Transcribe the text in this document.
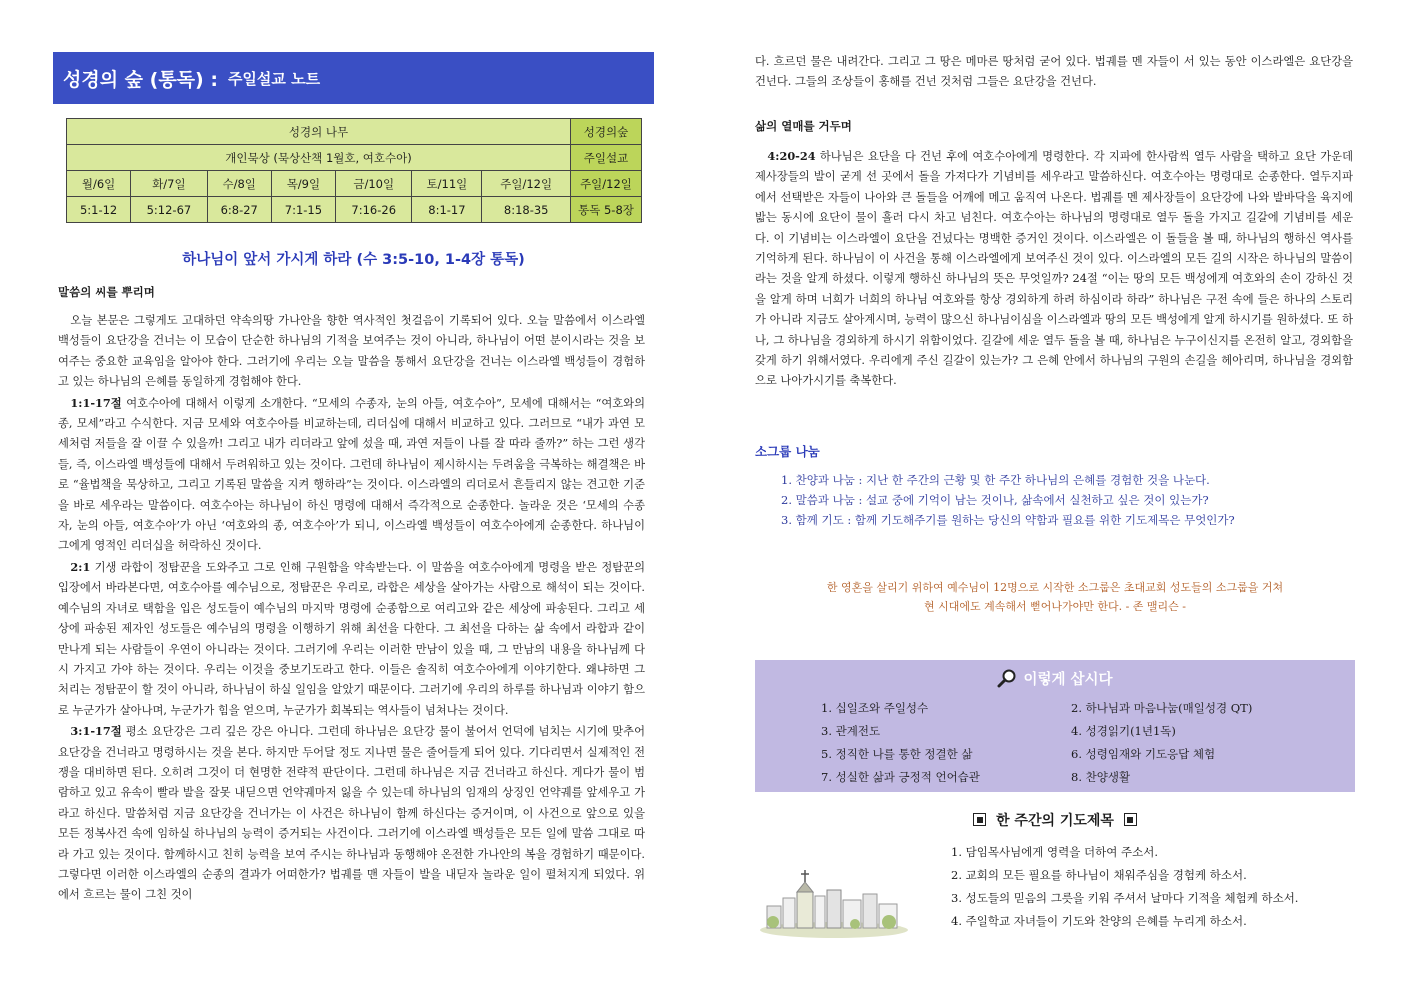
성경의 숲 (통독) : 주일설교 노트
성경의 나무							성경의숲
개인묵상 (묵상산책 1월호, 여호수아)							주일설교
월/6일	화/7일	수/8일	목/9일	금/10일	토/11일	주일/12일	주일/12일
5:1-12	5:12-67	6:8-27	7:1-15	7:16-26	8:1-17	8:18-35	통독 5-8장
하나님이 앞서 가시게 하라 (수 3:5-10, 1-4장 통독)
말씀의 씨를 뿌리며

오늘 본문은 그렇게도 고대하던 약속의땅 가나안을 향한 역사적인 첫걸음이 기록되어 있다. 오늘 말씀에서 이스라엘 백성들이 요단강을 건너는 이 모습이 단순한 하나님의 기적을 보여주는 것이 아니라, 하나님이 어떤 분이시라는 것을 보여주는 중요한 교육임을 알아야 한다. 그러기에 우리는 오늘 말씀을 통해서 요단강을 건너는 이스라엘 백성들이 경험하고 있는 하나님의 은혜를 동일하게 경험해야 한다.

1:1-17절 여호수아에 대해서 이렇게 소개한다. “모세의 수종자, 눈의 아들, 여호수아”, 모세에 대해서는 “여호와의 종, 모세”라고 수식한다. 지금 모세와 여호수아를 비교하는데, 리더십에 대해서 비교하고 있다. 그러므로 “내가 과연 모세처럼 저들을 잘 이끌 수 있을까! 그리고 내가 리더라고 앞에 섰을 때, 과연 저들이 나를 잘 따라 줄까?” 하는 그런 생각들, 즉, 이스라엘 백성들에 대해서 두려워하고 있는 것이다. 그런데 하나님이 제시하시는 두려움을 극복하는 해결책은 바로 “율법책을 묵상하고, 그리고 기록된 말씀을 지켜 행하라”는 것이다. 이스라엘의 리더로서 흔들리지 않는 견고한 기준을 바로 세우라는 말씀이다. 여호수아는 하나님이 하신 명령에 대해서 즉각적으로 순종한다. 놀라운 것은 ‘모세의 수종자, 눈의 아들, 여호수아’가 아닌 ‘여호와의 종, 여호수아’가 되니, 이스라엘 백성들이 여호수아에게 순종한다. 하나님이 그에게 영적인 리더십을 허락하신 것이다.

2:1 기생 라합이 정탐꾼을 도와주고 그로 인해 구원함을 약속받는다. 이 말씀을 여호수아에게 명령을 받은 정탐꾼의 입장에서 바라본다면, 여호수아를 예수님으로, 정탐꾼은 우리로, 라합은 세상을 살아가는 사람으로 해석이 되는 것이다. 예수님의 자녀로 택함을 입은 성도들이 예수님의 마지막 명령에 순종함으로 여리고와 같은 세상에 파송된다. 그리고 세상에 파송된 제자인 성도들은 예수님의 명령을 이행하기 위해 최선을 다한다. 그 최선을 다하는 삶 속에서 라합과 같이 만나게 되는 사람들이 우연이 아니라는 것이다. 그러기에 우리는 이러한 만남이 있을 때, 그 만남의 내용을 하나님께 다시 가지고 가야 하는 것이다. 우리는 이것을 중보기도라고 한다. 이들은 솔직히 여호수아에게 이야기한다. 왜냐하면 그 처리는 정탐꾼이 할 것이 아니라, 하나님이 하실 일임을 알았기 때문이다. 그러기에 우리의 하루를 하나님과 이야기 함으로 누군가가 살아나며, 누군가가 힘을 얻으며, 누군가가 회복되는 역사들이 넘쳐나는 것이다.

3:1-17절 평소 요단강은 그리 깊은 강은 아니다. 그런데 하나님은 요단강 물이 불어서 언덕에 넘치는 시기에 맞추어 요단강을 건너라고 명령하시는 것을 본다. 하지만 두어달 정도 지나면 물은 줄어들게 되어 있다. 기다리면서 실제적인 전쟁을 대비하면 된다. 오히려 그것이 더 현명한 전략적 판단이다. 그런데 하나님은 지금 건너라고 하신다. 게다가 물이 범람하고 있고 유속이 빨라 발을 잘못 내딛으면 언약궤마저 잃을 수 있는데 하나님의 임재의 상징인 언약궤를 앞세우고 가라고 하신다. 말씀처럼 지금 요단강을 건너가는 이 사건은 하나님이 함께 하신다는 증거이며, 이 사건으로 앞으로 있을 모든 정복사건 속에 임하실 하나님의 능력이 증거되는 사건이다. 그러기에 이스라엘 백성들은 모든 일에 말씀 그대로 따라 가고 있는 것이다. 함께하시고 친히 능력을 보여 주시는 하나님과 동행해야 온전한 가나안의 복을 경험하기 때문이다. 그렇다면 이러한 이스라엘의 순종의 결과가 어떠한가? 법궤를 맨 자들이 발을 내딛자 놀라운 일이 펼쳐지게 되었다. 위에서 흐르는 물이 그친 것이

다. 흐르던 물은 내려간다. 그리고 그 땅은 메마른 땅처럼 굳어 있다. 법궤를 멘 자들이 서 있는 동안 이스라엘은 요단강을 건넌다. 그들의 조상들이 홍해를 건넌 것처럼 그들은 요단강을 건넌다.

삶의 열매를 거두며

4:20-24 하나님은 요단을 다 건넌 후에 여호수아에게 명령한다. 각 지파에 한사람씩 열두 사람을 택하고 요단 가운데 제사장들의 발이 굳게 선 곳에서 돌을 가져다가 기념비를 세우라고 말씀하신다. 여호수아는 명령대로 순종한다. 열두지파에서 선택받은 자들이 나아와 큰 돌들을 어깨에 메고 움직여 나온다. 법궤를 멘 제사장들이 요단강에 나와 발바닥을 육지에 밟는 동시에 요단이 물이 흘러 다시 차고 넘친다. 여호수아는 하나님의 명령대로 열두 돌을 가지고 길갈에 기념비를 세운다. 이 기념비는 이스라엘이 요단을 건넜다는 명백한 증거인 것이다. 이스라엘은 이 돌들을 볼 때, 하나님의 행하신 역사를 기억하게 된다. 하나님이 이 사건을 통해 이스라엘에게 보여주신 것이 있다. 이스라엘의 모든 길의 시작은 하나님의 말씀이라는 것을 알게 하셨다. 이렇게 행하신 하나님의 뜻은 무엇일까? 24절 “이는 땅의 모든 백성에게 여호와의 손이 강하신 것을 알게 하며 너희가 너희의 하나님 여호와를 항상 경외하게 하려 하심이라 하라” 하나님은 구전 속에 들은 하나의 스토리가 아니라 지금도 살아계시며, 능력이 많으신 하나님이심을 이스라엘과 땅의 모든 백성에게 알게 하시기를 원하셨다. 또 하나, 그 하나님을 경외하게 하시기 위함이었다. 길갈에 세운 열두 돌을 볼 때, 하나님은 누구이신지를 온전히 알고, 경외함을 갖게 하기 위해서였다. 우리에게 주신 길갈이 있는가? 그 은혜 안에서 하나님의 구원의 손길을 헤아리며, 하나님을 경외함으로 나아가시기를 축복한다.

소그룹 나눔
1. 찬양과 나눔 : 지난 한 주간의 근황 및 한 주간 하나님의 은혜를 경험한 것을 나눈다.
2. 말씀과 나눔 : 설교 중에 기억이 남는 것이나, 삶속에서 실천하고 싶은 것이 있는가?
3. 함께 기도 : 함께 기도해주기를 원하는 당신의 약함과 필요를 위한 기도제목은 무엇인가?
한 영혼을 살리기 위하여 예수님이 12명으로 시작한 소그룹은 초대교회 성도들의 소그룹을 거쳐
현 시대에도 계속해서 뻗어나가야만 한다. - 존 맬리슨 -
이렇게 삽시다
1. 십일조와 주일성수	2. 하나님과 마음나눔(매일성경 QT)
3. 관계전도	4. 성경읽기(1년1독)
5. 정직한 나를 통한 정결한 삶	6. 성령임재와 기도응답 체험
7. 성실한 삶과 긍정적 언어습관	8. 찬양생활
한 주간의 기도제목
1. 담임목사님에게 영력을 더하여 주소서.
2. 교회의 모든 필요를 하나님이 채워주심을 경험케 하소서.
3. 성도들의 믿음의 그릇을 키워 주셔서 날마다 기적을 체험케 하소서.
4. 주일학교 자녀들이 기도와 찬양의 은혜를 누리게 하소서.
